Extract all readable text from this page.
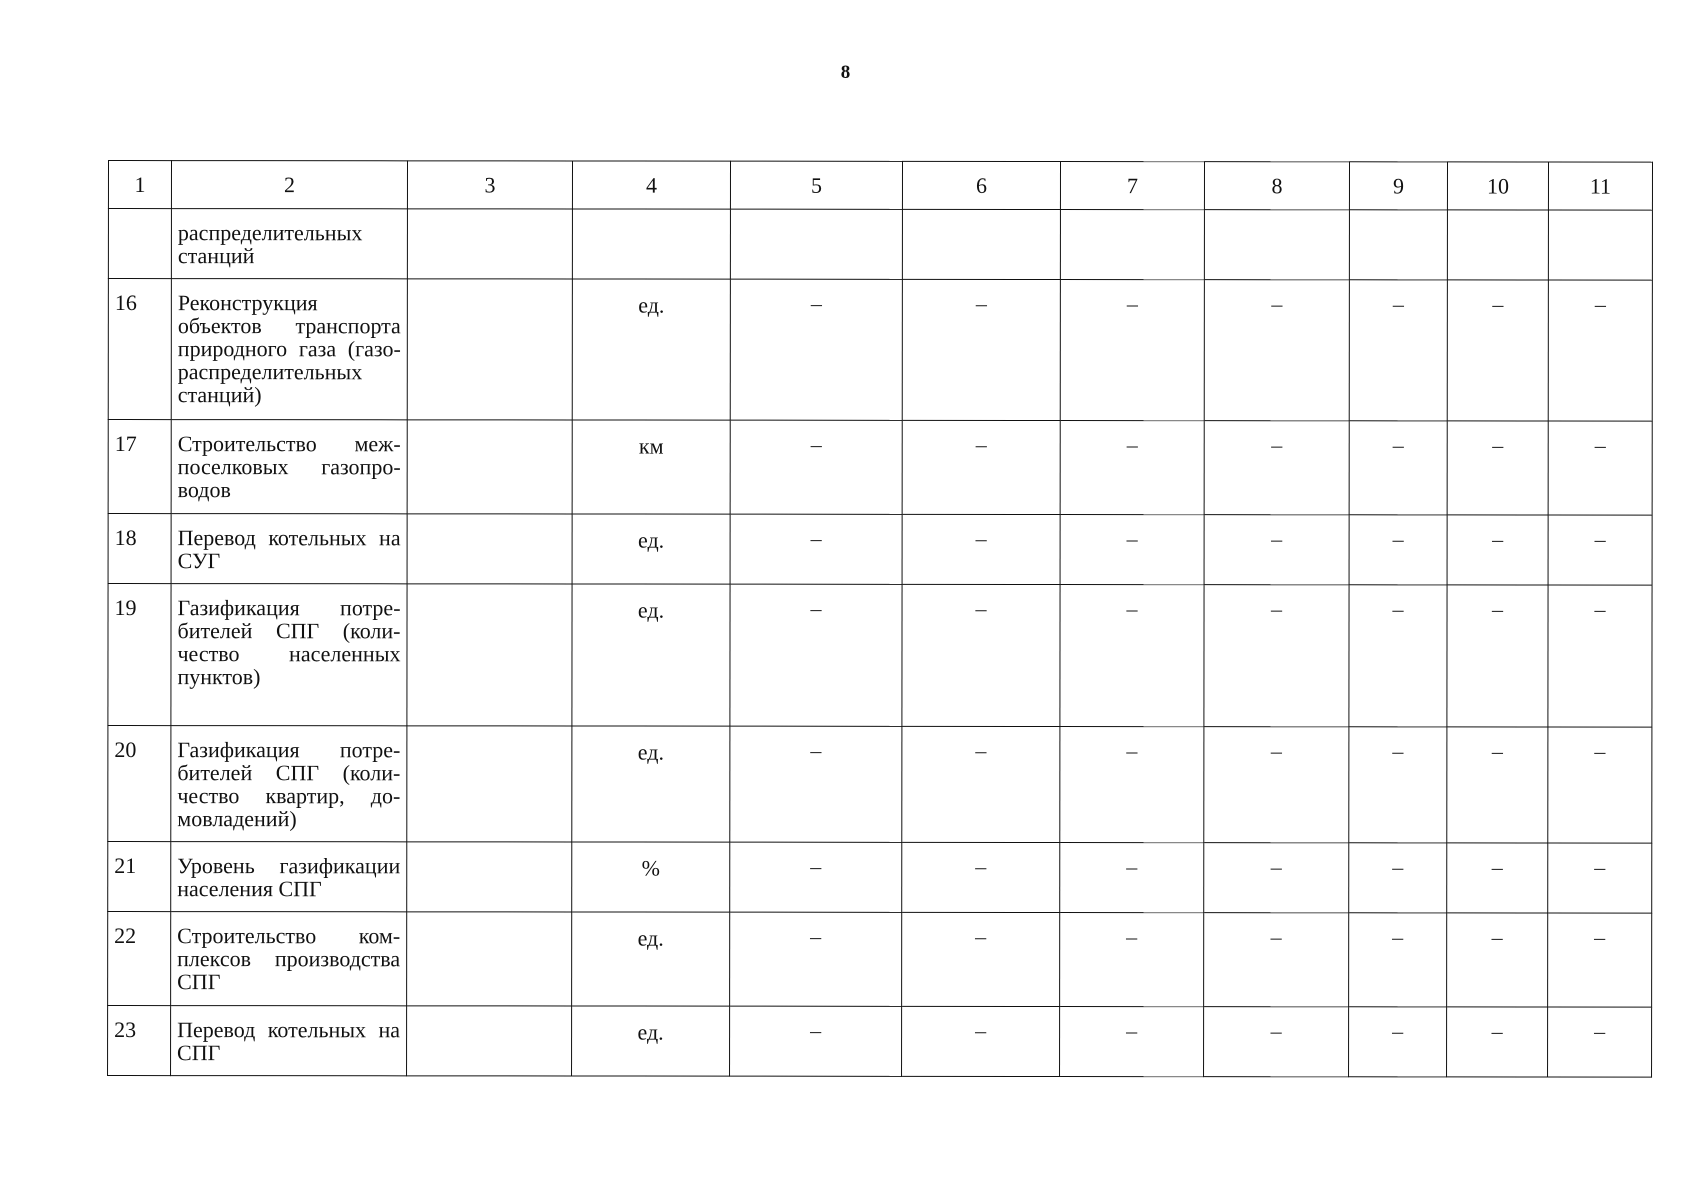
8
1	2	3	4	5	6	7	8	9	10	11
	распределительных станций									
16	Реконструкция объектов транспорта природного газа (газораспределительных станций)		ед.	–	–	–	–	–	–	–
17	Строительство межпоселковых газопроводов		км	–	–	–	–	–	–	–
18	Перевод котельных на СУГ		ед.	–	–	–	–	–	–	–
19	Газификация потребителей СПГ (количество населенных пунктов)		ед.	–	–	–	–	–	–	–
20	Газификация потребителей СПГ (количество квартир, домовладений)		ед.	–	–	–	–	–	–	–
21	Уровень газификации населения СПГ		%	–	–	–	–	–	–	–
22	Строительство комплексов производства СПГ		ед.	–	–	–	–	–	–	–
23	Перевод котельных на СПГ		ед.	–	–	–	–	–	–	–
